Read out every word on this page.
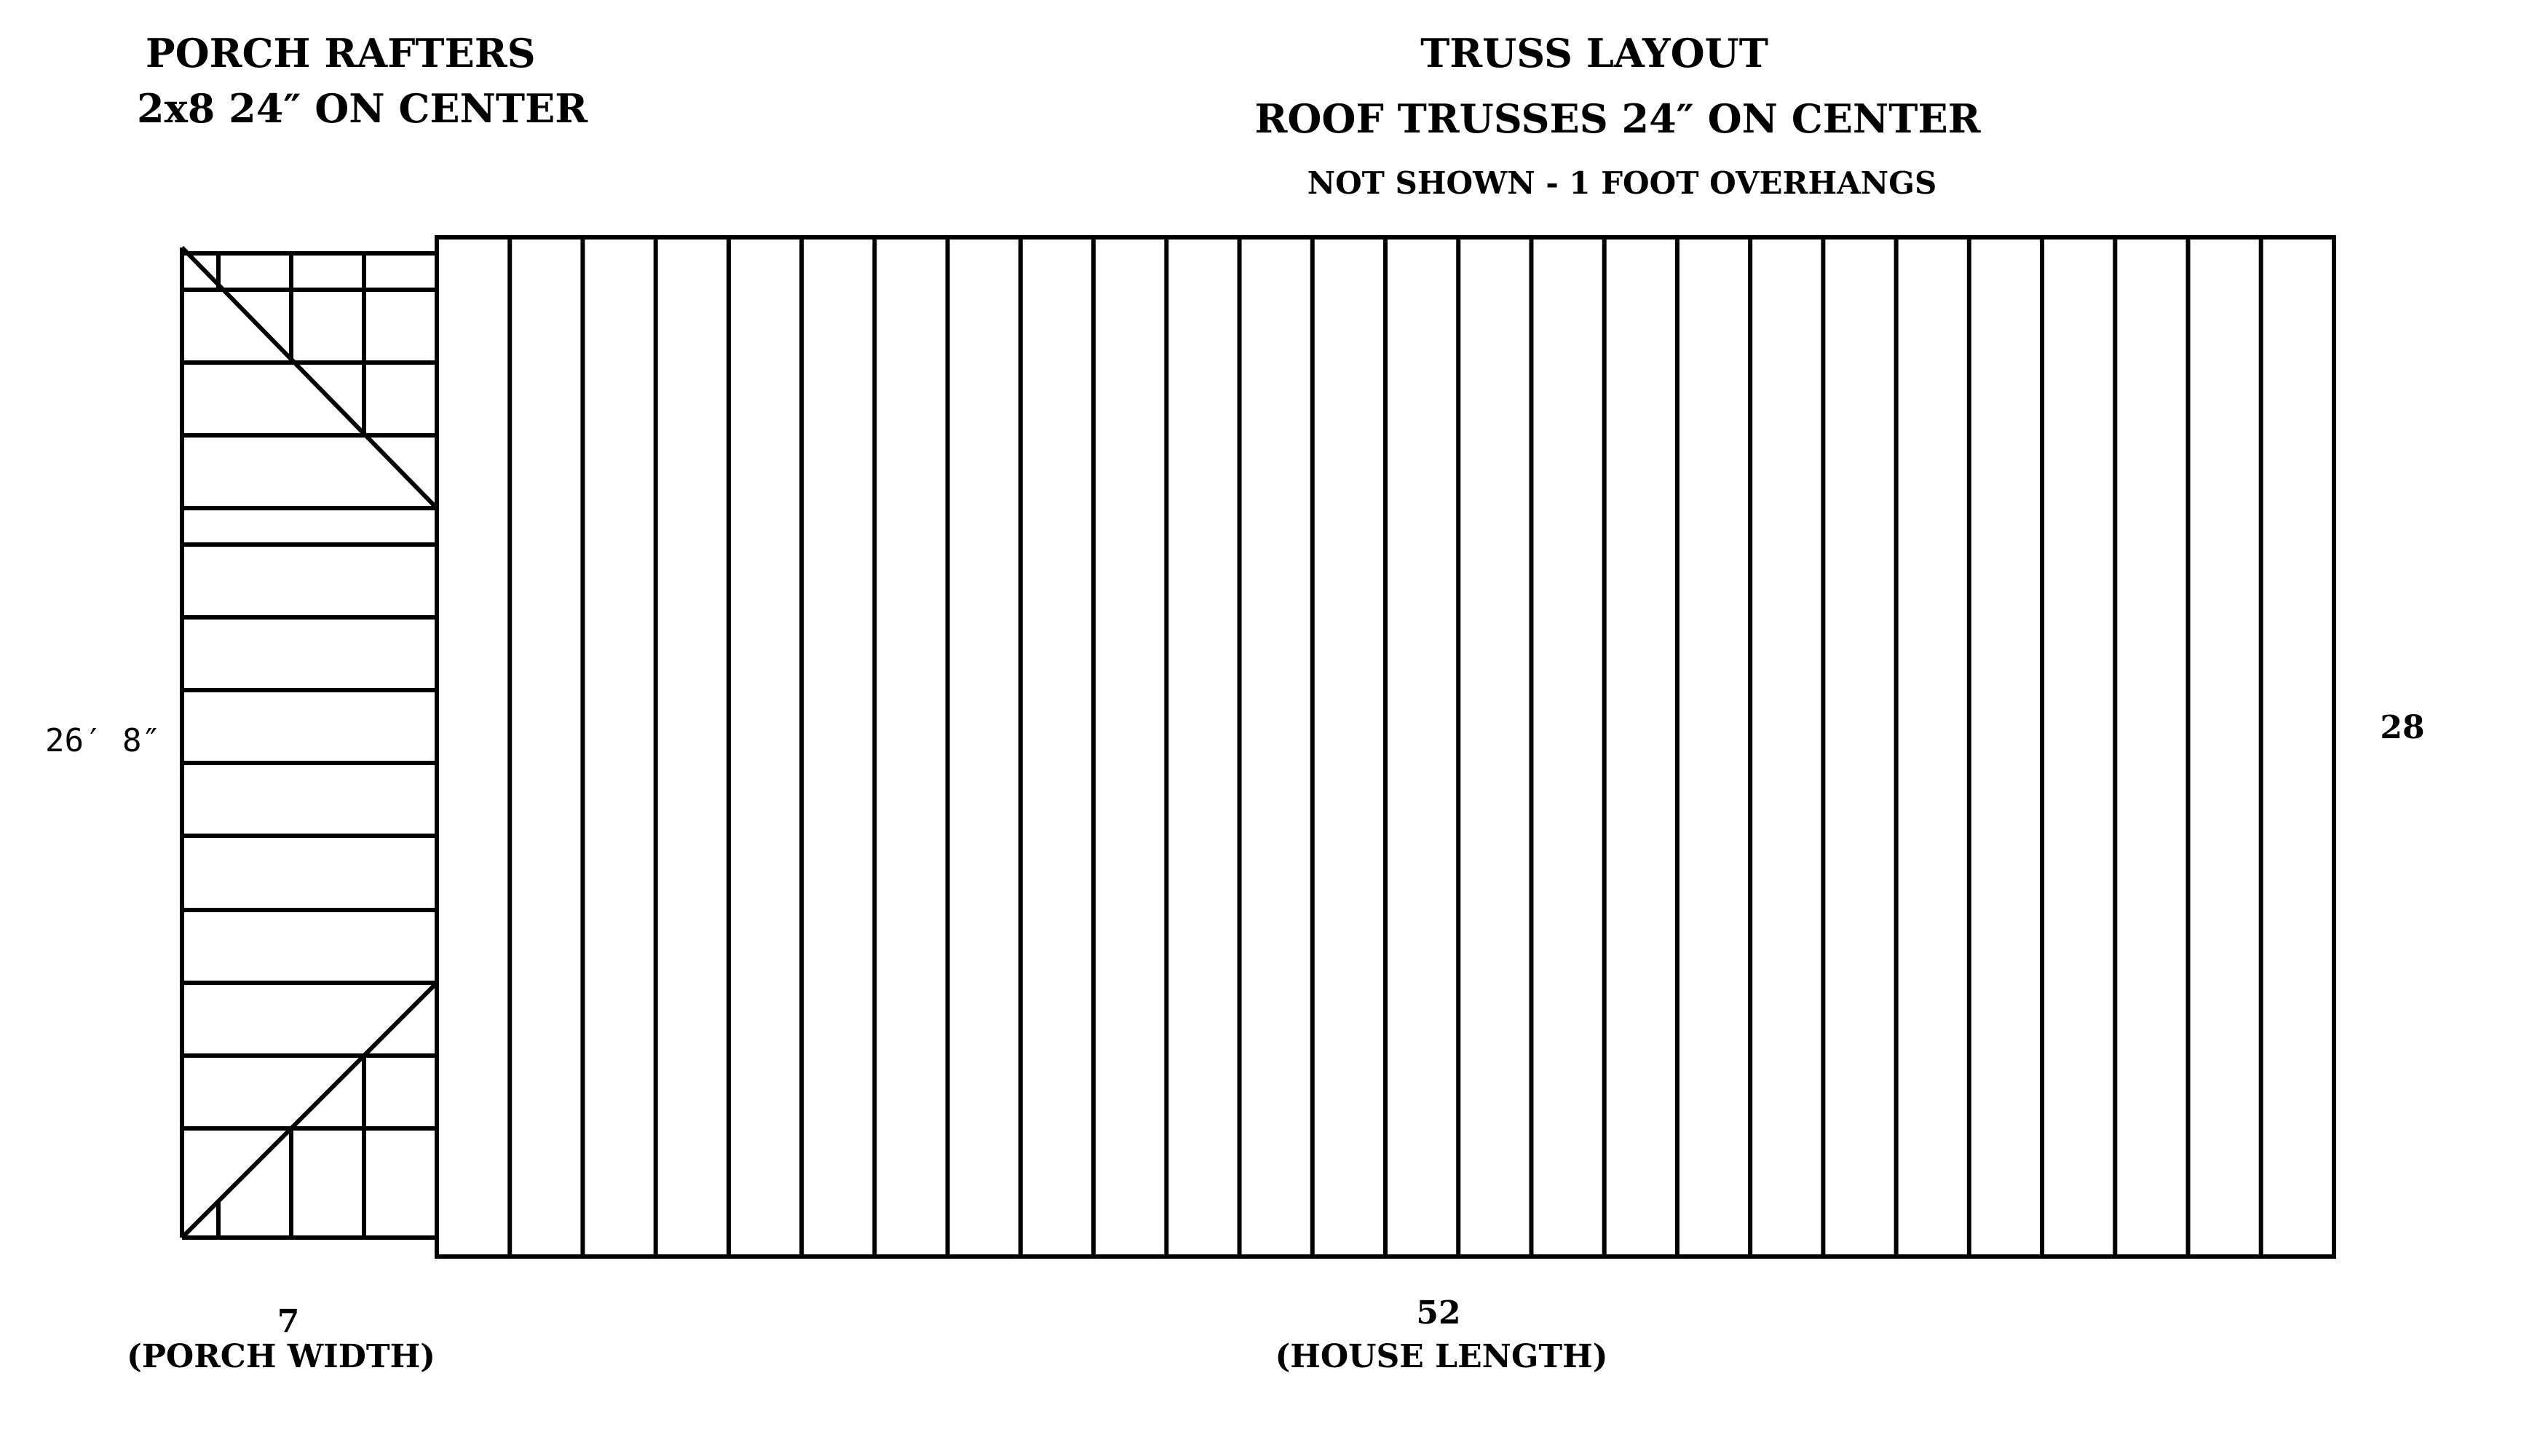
PORCH RAFTERS
2x8 24″ ON CENTER
TRUSS LAYOUT
ROOF TRUSSES 24″ ON CENTER
NOT SHOWN - 1 FOOT OVERHANGS
26′ 8″	28
7
(PORCH WIDTH)
52
(HOUSE LENGTH)
